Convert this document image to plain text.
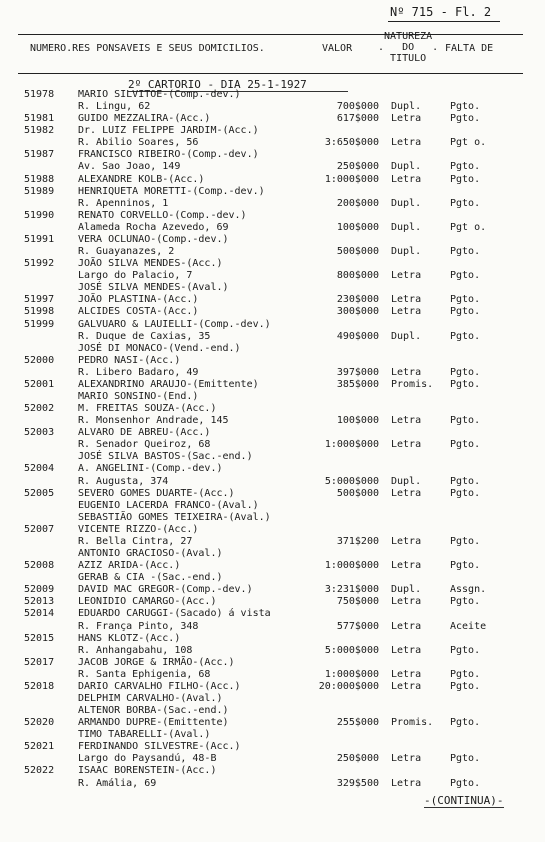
Nº 715 - Fl. 2
NUMERO.RES PONSAVEIS E SEUS DOMICILIOS.	VALOR
NATUREZA
.   DO   .
TITULO
FALTA DE
2º CARTORIO - DIA 25-1-1927
51978 MARIO SILVITOE-(Comp.-dev.)
R. Lingu, 62	700$000 Dupl.	Pgto.
51981 GUIDO MEZZALIRA-(Acc.)	617$000 Letra	Pgto.
51982 Dr. LUIZ FELIPPE JARDIM-(Acc.)
R. Abilio Soares, 56	3:650$000 Letra	Pgt o.
51987 FRANCISCO RIBEIRO-(Comp.-dev.)
Av. Sao Joao, 149	250$000 Dupl.	Pgto.
51988 ALEXANDRE KOLB-(Acc.)	1:000$000 Letra	Pgto.
51989 HENRIQUETA MORETTI-(Comp.-dev.)
R. Apenninos, 1	200$000 Dupl.	Pgto.
51990 RENATO CORVELLO-(Comp.-dev.)
Alameda Rocha Azevedo, 69	100$000 Dupl.	Pgt o.
51991 VERA OCLUNAO-(Comp.-dev.)
R. Guayanazes, 2	500$000 Dupl.	Pgto.
51992 JOÃO SILVA MENDES-(Acc.)
Largo do Palacio, 7	800$000 Letra	Pgto.
JOSÉ SILVA MENDES-(Aval.)
51997 JOÃO PLASTINA-(Acc.)	230$000 Letra	Pgto.
51998 ALCIDES COSTA-(Acc.)	300$000 Letra	Pgto.
51999 GALVUARO & LAUIELLI-(Comp.-dev.)
R. Duque de Caxias, 35	490$000 Dupl.	Pgto.
JOSÉ DI MONACO-(Vend.-end.)
52000 PEDRO NASI-(Acc.)
R. Libero Badaro, 49	397$000 Letra	Pgto.
52001 ALEXANDRINO ARAUJO-(Emittente)	385$000 Promis. Pgto.
MARIO SONSINO-(End.)
52002 M. FREITAS SOUZA-(Acc.)
R. Monsenhor Andrade, 145	100$000 Letra	Pgto.
52003 ALVARO DE ABREU-(Acc.)
R. Senador Queiroz, 68	1:000$000 Letra	Pgto.
JOSÉ SILVA BASTOS-(Sac.-end.)
52004 A. ANGELINI-(Comp.-dev.)
R. Augusta, 374	5:000$000 Dupl.	Pgto.
52005 SEVERO GOMES DUARTE-(Acc.)	500$000 Letra	Pgto.
EUGENIO LACERDA FRANCO-(Aval.)
SEBASTIÃO GOMES TEIXEIRA-(Aval.)
52007 VICENTE RIZZO-(Acc.)
R. Bella Cintra, 27	371$200 Letra	Pgto.
ANTONIO GRACIOSO-(Aval.)
52008 AZIZ ARIDA-(Acc.)	1:000$000 Letra	Pgto.
GERAB & CIA -(Sac.-end.)
52009 DAVID MAC GREGOR-(Comp.-dev.)	3:231$000 Dupl.	Assgn.
52013 LEONIDIO CAMARGO-(Acc.)	750$000 Letra	Pgto.
52014 EDUARDO CARUGGI-(Sacado) á vista
R. França Pinto, 348	577$000 Letra	Aceite
52015 HANS KLOTZ-(Acc.)
R. Anhangabahu, 108	5:000$000 Letra	Pgto.
52017 JACOB JORGE & IRMÃO-(Acc.)
R. Santa Ephigenia, 68	1:000$000 Letra	Pgto.
52018 DARIO CARVALHO FILHO-(Acc.)	20:000$000 Letra	Pgto.
DELPHIM CARVALHO-(Aval.)
ALTENOR BORBA-(Sac.-end.)
52020 ARMANDO DUPRE-(Emittente)	255$000 Promis. Pgto.
TIMO TABARELLI-(Aval.)
52021 FERDINANDO SILVESTRE-(Acc.)
Largo do Paysandú, 48-B	250$000 Letra	Pgto.
52022 ISAAC BORENSTEIN-(Acc.)
R. Amália, 69	329$500 Letra	Pgto.
-(CONTINUA)-
